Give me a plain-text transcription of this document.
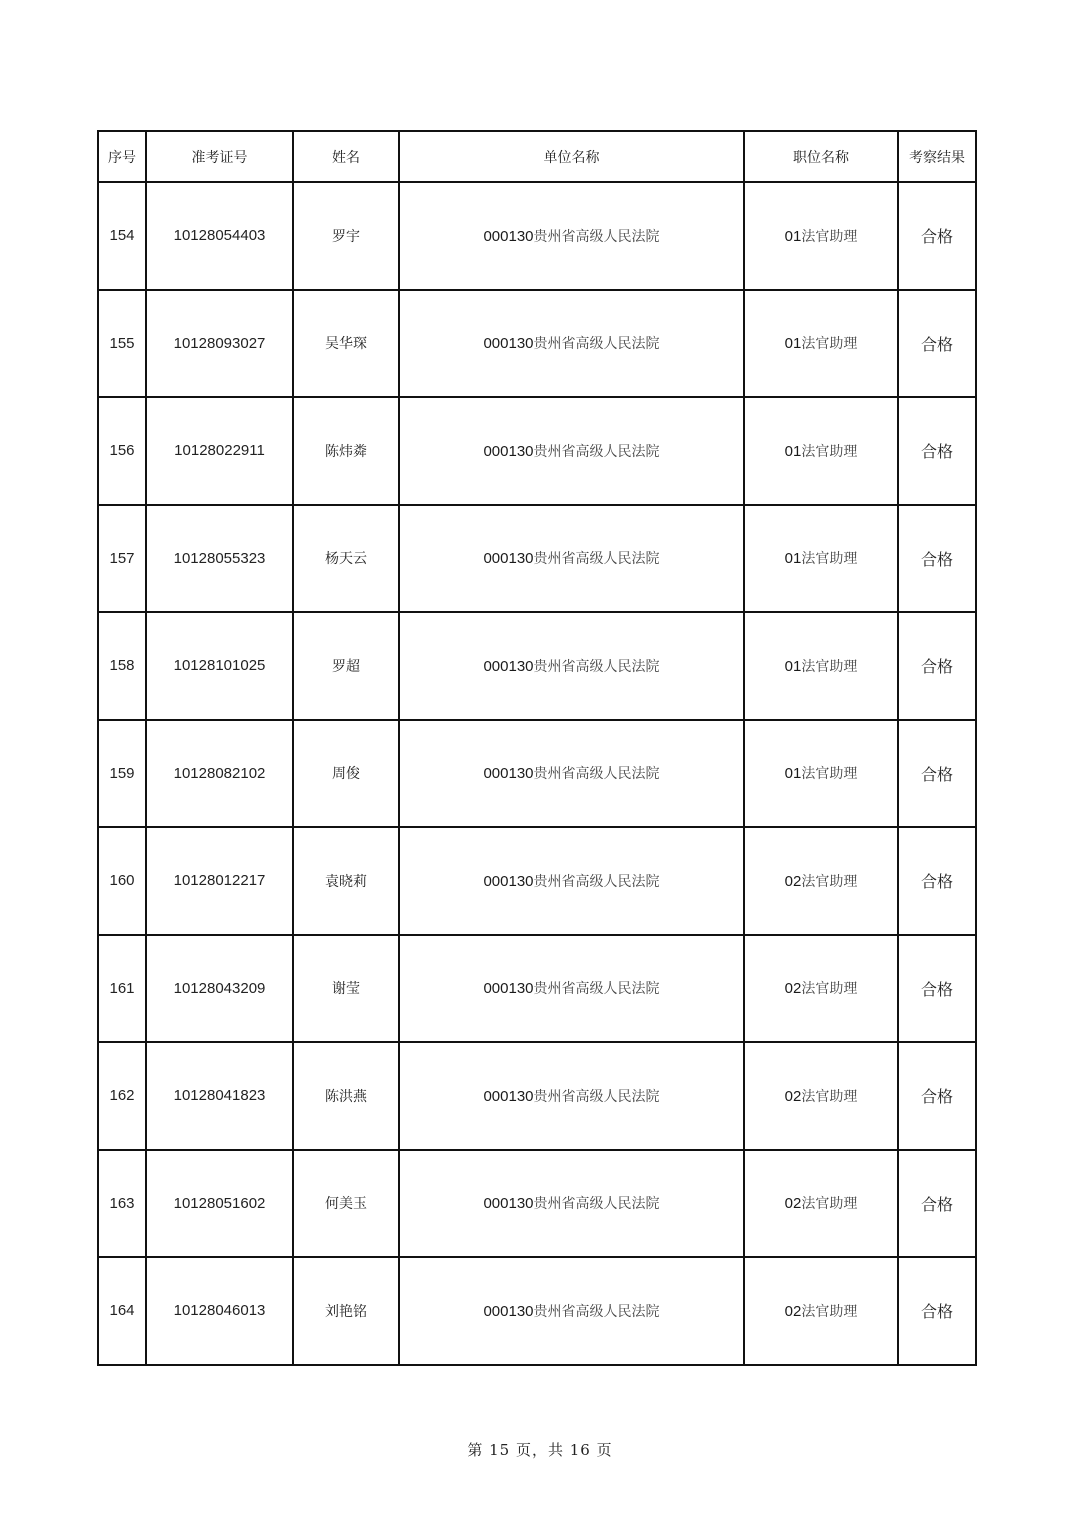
序号	准考证号	姓名	单位名称	职位名称	考察结果
154	10128054403	罗宇	000130贵州省高级人民法院	01法官助理	合格
155	10128093027	吴华琛	000130贵州省高级人民法院	01法官助理	合格
156	10128022911	陈炜粦	000130贵州省高级人民法院	01法官助理	合格
157	10128055323	杨天云	000130贵州省高级人民法院	01法官助理	合格
158	10128101025	罗超	000130贵州省高级人民法院	01法官助理	合格
159	10128082102	周俊	000130贵州省高级人民法院	01法官助理	合格
160	10128012217	袁晓莉	000130贵州省高级人民法院	02法官助理	合格
161	10128043209	谢莹	000130贵州省高级人民法院	02法官助理	合格
162	10128041823	陈洪燕	000130贵州省高级人民法院	02法官助理	合格
163	10128051602	何美玉	000130贵州省高级人民法院	02法官助理	合格
164	10128046013	刘艳铭	000130贵州省高级人民法院	02法官助理	合格
第 15 页，共 16 页
